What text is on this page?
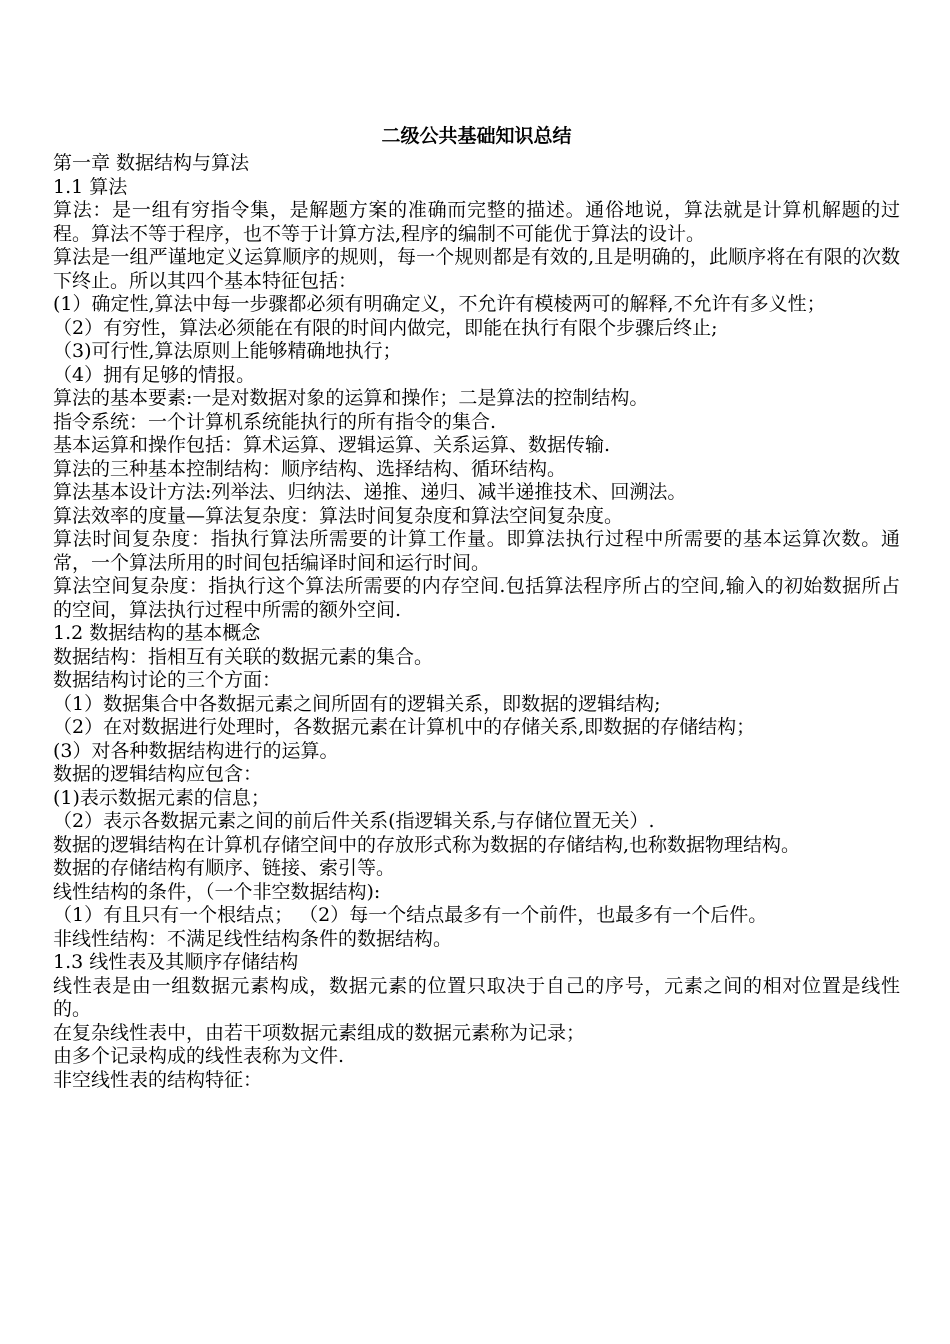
二级公共基础知识总结

第一章 数据结构与算法

1.1 算法

算法：是一组有穷指令集，是解题方案的准确而完整的描述。通俗地说，算法就是计算机解题的过程。算法不等于程序，也不等于计算方法,程序的编制不可能优于算法的设计。

算法是一组严谨地定义运算顺序的规则，每一个规则都是有效的,且是明确的，此顺序将在有限的次数下终止。所以其四个基本特征包括：

(1）确定性,算法中每一步骤都必须有明确定义，不允许有模棱两可的解释,不允许有多义性；

（2）有穷性，算法必须能在有限的时间内做完，即能在执行有限个步骤后终止;

（3)可行性,算法原则上能够精确地执行；

（4）拥有足够的情报。

算法的基本要素:一是对数据对象的运算和操作；二是算法的控制结构。

指令系统：一个计算机系统能执行的所有指令的集合.

基本运算和操作包括：算术运算、逻辑运算、关系运算、数据传输.

算法的三种基本控制结构：顺序结构、选择结构、循环结构。

算法基本设计方法:列举法、归纳法、递推、递归、减半递推技术、回溯法。

算法效率的度量—算法复杂度：算法时间复杂度和算法空间复杂度。

算法时间复杂度：指执行算法所需要的计算工作量。即算法执行过程中所需要的基本运算次数。通常，一个算法所用的时间包括编译时间和运行时间。

算法空间复杂度：指执行这个算法所需要的内存空间.包括算法程序所占的空间,输入的初始数据所占的空间，算法执行过程中所需的额外空间.

1.2 数据结构的基本概念

数据结构：指相互有关联的数据元素的集合。

数据结构讨论的三个方面：

（1）数据集合中各数据元素之间所固有的逻辑关系，即数据的逻辑结构;

（2）在对数据进行处理时，各数据元素在计算机中的存储关系,即数据的存储结构；

(3）对各种数据结构进行的运算。

数据的逻辑结构应包含：

(1)表示数据元素的信息；

（2）表示各数据元素之间的前后件关系(指逻辑关系,与存储位置无关）.

数据的逻辑结构在计算机存储空间中的存放形式称为数据的存储结构,也称数据物理结构。

数据的存储结构有顺序、链接、索引等。

线性结构的条件，（一个非空数据结构):

（1）有且只有一个根结点； （2）每一个结点最多有一个前件，也最多有一个后件。

非线性结构：不满足线性结构条件的数据结构。

1.3 线性表及其顺序存储结构

线性表是由一组数据元素构成，数据元素的位置只取决于自己的序号，元素之间的相对位置是线性的。

在复杂线性表中，由若干项数据元素组成的数据元素称为记录；

由多个记录构成的线性表称为文件.

非空线性表的结构特征：
